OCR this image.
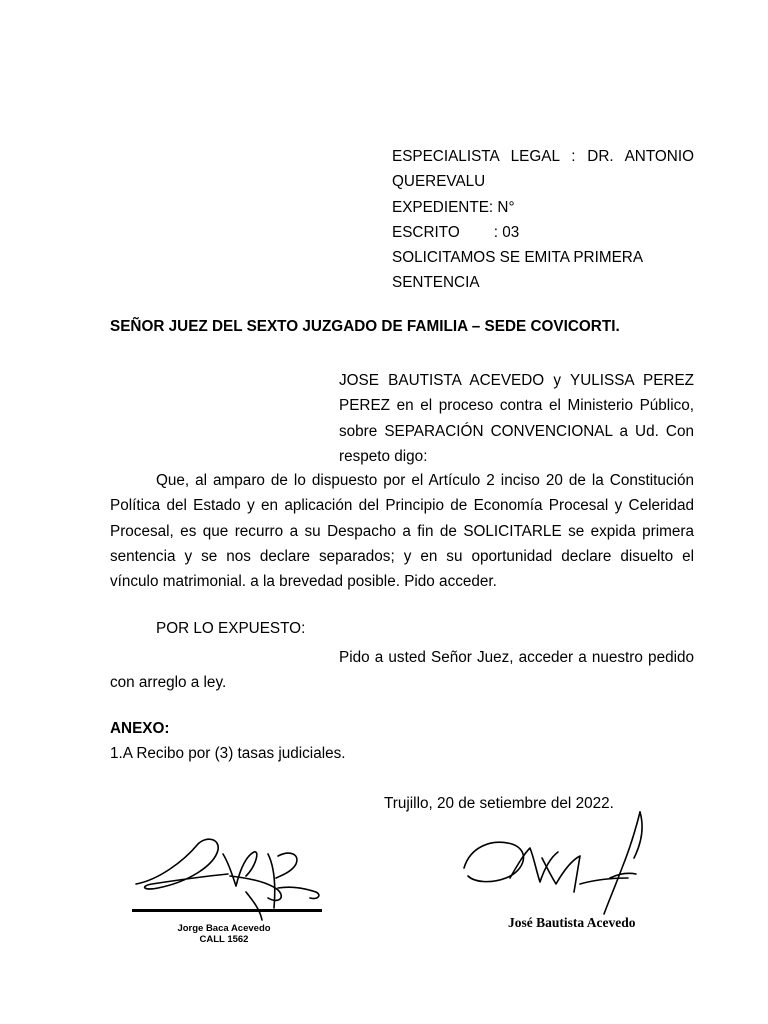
ESPECIALISTA LEGAL : DR. ANTONIO
QUEREVALU
EXPEDIENTE: N°
ESCRITO        : 03
SOLICITAMOS SE EMITA PRIMERA
SENTENCIA
SEÑOR JUEZ DEL SEXTO JUZGADO DE FAMILIA – SEDE COVICORTI.
JOSE BAUTISTA ACEVEDO y YULISSA PEREZ
PEREZ en el proceso contra el Ministerio Público,
sobre SEPARACIÓN CONVENCIONAL a Ud. Con
respeto digo:
Que, al amparo de lo dispuesto por el Artículo 2 inciso 20 de la Constitución
Política del Estado y en aplicación del Principio de Economía Procesal y Celeridad
Procesal, es que recurro a su Despacho a fin de SOLICITARLE se expida primera
sentencia y se nos declare separados; y en su oportunidad declare disuelto el
vínculo matrimonial. a la brevedad posible. Pido acceder.
POR LO EXPUESTO:
Pido a usted Señor Juez, acceder a nuestro pedido
con arreglo a ley.
ANEXO:
1.A Recibo por (3) tasas judiciales.
Trujillo, 20 de setiembre del 2022.
Jorge Baca Acevedo
CALL 1562
José Bautista Acevedo
